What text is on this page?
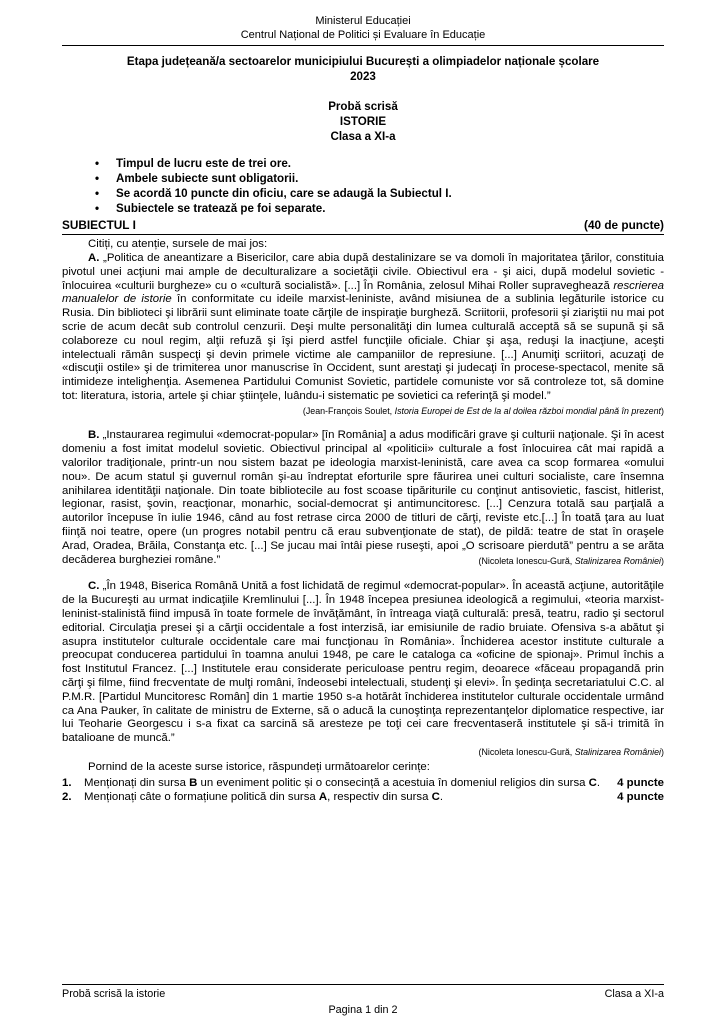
Ministerul Educației
Centrul Național de Politici și Evaluare în Educație
Etapa județeană/a sectoarelor municipiului București a olimpiadelor naționale școlare
2023
Probă scrisă
ISTORIE
Clasa a XI-a
• Timpul de lucru este de trei ore.
• Ambele subiecte sunt obligatorii.
• Se acordă 10 puncte din oficiu, care se adaugă la Subiectul I.
• Subiectele se tratează pe foi separate.
SUBIECTUL I	(40 de puncte)

Citiți, cu atenție, sursele de mai jos:

A. „Politica de aneantizare a Bisericilor, care abia după destalinizare se va domoli în majoritatea ţărilor, constituia pivotul unei acţiuni mai ample de deculturalizare a societăţii civile. Obiectivul era - şi aici, după modelul sovietic - înlocuirea «culturii burgheze» cu o «cultură socialistă». [...] În România, zelosul Mihai Roller supraveghează rescrierea manualelor de istorie în conformitate cu ideile marxist-leniniste, având misiunea de a sublinia legăturile istorice cu Rusia. Din biblioteci şi librării sunt eliminate toate cărţile de inspiraţie burgheză. Scriitorii, profesorii şi ziariştii nu mai pot scrie de acum decât sub controlul cenzurii. Deşi multe personalităţi din lumea culturală acceptă să se supună şi să colaboreze cu noul regim, alţii refuză şi îşi pierd astfel funcţiile oficiale. Chiar şi aşa, reduşi la inacţiune, aceşti intelectuali rămân suspecţi şi devin primele victime ale campaniilor de represiune. [...] Anumiţi scriitori, acuzaţi de «discuţii ostile» şi de trimiterea unor manuscrise în Occident, sunt arestaţi şi judecaţi în procese-spectacol, menite să intimideze intelighenţia. Asemenea Partidului Comunist Sovietic, partidele comuniste vor să controleze tot, să domine tot: literatura, istoria, artele şi chiar ştiinţele, luându-i sistematic pe sovietici ca referinţă şi model.”
(Jean-François Soulet, Istoria Europei de Est de la al doilea război mondial până în prezent)

B. „Instaurarea regimului «democrat-popular» [în România] a adus modificări grave şi culturii naţionale. Şi în acest domeniu a fost imitat modelul sovietic. Obiectivul principal al «politicii» culturale a fost înlocuirea cât mai rapidă a valorilor tradiţionale, printr-un nou sistem bazat pe ideologia marxist-leninistă, care avea ca scop formarea «omului nou». De acum statul şi guvernul român şi-au îndreptat eforturile spre făurirea unei culturi socialiste, care însemna anihilarea identităţii naţionale. Din toate bibliotecile au fost scoase tipăriturile cu conţinut antisovietic, fascist, hitlerist, legionar, rasist, şovin, reacţionar, monarhic, social-democrat şi antimuncitoresc. [...] Cenzura totală sau parţială a autorilor începuse în iulie 1946, când au fost retrase circa 2000 de titluri de cărţi, reviste etc.[...] În toată ţara au luat fiinţă noi teatre, opere (un progres notabil pentru că erau subvenţionate de stat), de pildă: teatre de stat în oraşele Arad, Oradea, Brăila, Constanţa etc. [...] Se jucau mai întâi piese ruseşti, apoi „O scrisoare pierdută” pentru a se arăta decăderea burgheziei române.”	(Nicoleta Ionescu-Gură, Stalinizarea României)

C. „În 1948, Biserica Română Unită a fost lichidată de regimul «democrat-popular». În această acţiune, autorităţile de la Bucureşti au urmat indicaţiile Kremlinului [...]. În 1948 începea presiunea ideologică a regimului, «teoria marxist-leninist-stalinistă fiind impusă în toate formele de învăţământ, în întreaga viaţă culturală: presă, teatru, radio şi sectorul editorial. Circulaţia presei şi a cărţii occidentale a fost interzisă, iar emisiunile de radio bruiate. Ofensiva s-a abătut şi asupra institutelor culturale occidentale care mai funcţionau în România». Închiderea acestor institute culturale a preocupat conducerea partidului în toamna anului 1948, pe care le cataloga ca «oficine de spionaj». Primul închis a fost Institutul Francez. [...] Institutele erau considerate periculoase pentru regim, deoarece «făceau propagandă prin cărţi şi filme, fiind frecventate de mulţi români, îndeosebi intelectuali, studenţi şi elevi». În şedinţa secretariatului C.C. al P.M.R. [Partidul Muncitoresc Român] din 1 martie 1950 s-a hotărât închiderea institutelor culturale occidentale urmând ca Ana Pauker, în calitate de ministru de Externe, să o aducă la cunoştinţa reprezentanţelor diplomatice respective, iar lui Teoharie Georgescu i s-a fixat ca sarcină să aresteze pe toţi cei care frecventaseră institutele şi să-i trimită în batalioane de muncă.”

(Nicoleta Ionescu-Gură, Stalinizarea României)

Pornind de la aceste surse istorice, răspundeți următoarelor cerințe:

1. Menționați din sursa B un eveniment politic și o consecință a acestuia în domeniul religios din sursa C. 4 puncte
2. Menționați câte o formațiune politică din sursa A, respectiv din sursa C.	4 puncte
Probă scrisă la istorie	Clasa a XI-a
Pagina 1 din 2
